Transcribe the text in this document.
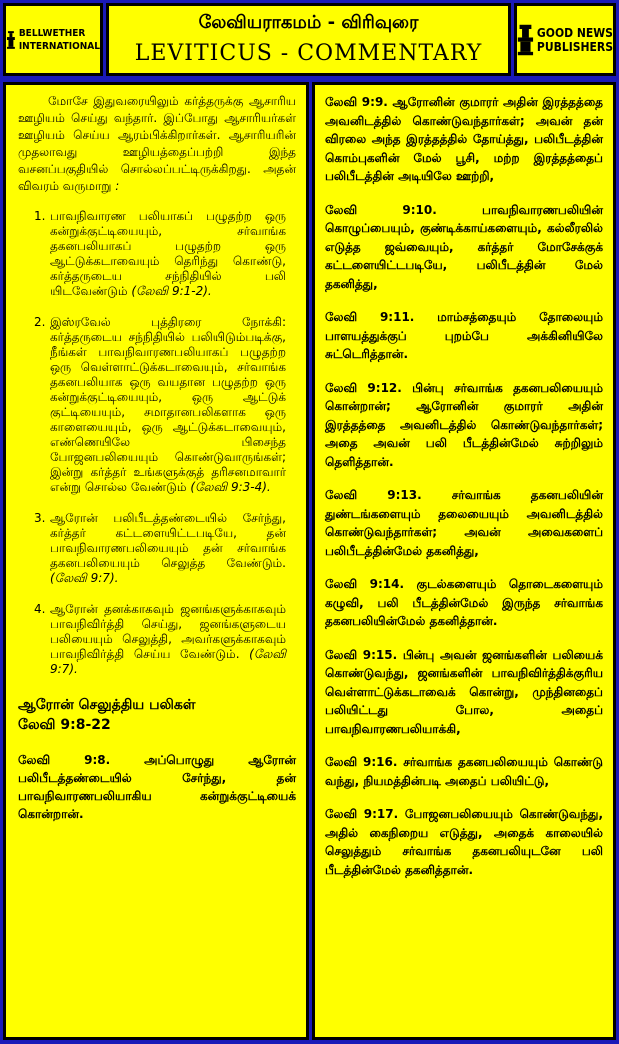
BELLWETHER
INTERNATIONAL
லேவியராகமம் - விரிவுரை
LEVITICUS - COMMENTARY
GOOD NEWS
PUBLISHERS

மோசே இதுவரையிலும் கர்த்தருக்கு ஆசாரிய ஊழியம் செய்து வந்தார். இப்போது ஆசாரியர்கள் ஊழியம் செய்ய ஆரம்பிக்கிறார்கள். ஆசாரியரின் முதலாவது ஊழியத்தைப்பற்றி இந்த வசனப்பகுதியில் சொல்லப்பட்டிருக்கிறது. அதன் விவரம் வருமாறு :

1. பாவநிவாரண பலியாகப் பழுதற்ற ஒரு கன்றுக்குட்டியையும், சர்வாங்க தகனபலியாகப் பழுதற்ற ஒரு ஆட்டுக்கடாவையும் தெரிந்து கொண்டு, கர்த்தருடைய சந்நிதியில் பலி யிடவேண்டும் (லேவி 9:1-2).
2. இஸ்ரவேல் புத்திரரை நோக்கி: கர்த்தருடைய சந்நிதியில் பலியிடும்படிக்கு, நீங்கள் பாவநிவாரணபலியாகப் பழுதற்ற ஒரு வெள்ளாட்டுக்கடாவையும், சர்வாங்க தகனபலியாக ஒரு வயதான பழுதற்ற ஒரு கன்றுக்குட்டியையும், ஒரு ஆட்டுக் குட்டியையும், சமாதானபலிகளாக ஒரு காளையையும், ஒரு ஆட்டுக்கடாவையும், எண்ணெயிலே பிசைந்த போஜனபலியையும் கொண்டுவாருங்கள்; இன்று கர்த்தர் உங்களுக்குத் தரிசனமாவார் என்று சொல்ல வேண்டும் (லேவி 9:3-4).
3. ஆரோன் பலிபீடத்தண்டையில் சேர்ந்து, கர்த்தர் கட்டளையிட்டபடியே, தன் பாவநிவாரணபலியையும் தன் சர்வாங்க தகனபலியையும் செலுத்த வேண்டும். (லேவி 9:7).
4. ஆரோன் தனக்காகவும் ஜனங்களுக்காகவும் பாவநிவிர்த்தி செய்து, ஜனங்களுடைய பலியையும் செலுத்தி, அவர்களுக்காகவும் பாவநிவிர்த்தி செய்ய வேண்டும். (லேவி 9:7).
ஆரோன் செலுத்திய பலிகள்
லேவி 9:8-22

லேவி 9:8. அப்பொழுது ஆரோன் பலிபீடத்தண்டையில் சேர்ந்து, தன் பாவநிவாரணபலியாகிய கன்றுக்குட்டியைக் கொன்றான்.

லேவி 9:9. ஆரோனின் குமாரர் அதின் இரத்தத்தை அவனிடத்தில் கொண்டுவந்தார்கள்; அவன் தன் விரலை அந்த இரத்தத்தில் தோய்த்து, பலிபீடத்தின் கொம்புகளின் மேல் பூசி, மற்ற இரத்தத்தைப் பலிபீடத்தின் அடியிலே ஊற்றி,

லேவி 9:10. பாவநிவாரணபலியின் கொழுப்பையும், குண்டிக்காய்களையும், கல்லீரலில் எடுத்த ஜவ்வையும், கர்த்தர் மோசேக்குக் கட்டளையிட்டபடியே, பலிபீடத்தின் மேல் தகனித்து,

லேவி 9:11. மாம்சத்தையும் தோலையும் பாளயத்துக்குப் புறம்பே அக்கினியிலே சுட்டெரித்தான்.

லேவி 9:12. பின்பு சர்வாங்க தகனபலியையும் கொன்றான்; ஆரோனின் குமாரர் அதின் இரத்தத்தை அவனிடத்தில் கொண்டுவந்தார்கள்; அதை அவன் பலி பீடத்தின்மேல் சுற்றிலும் தெளித்தான்.

லேவி 9:13. சர்வாங்க தகனபலியின் துண்டங்களையும் தலையையும் அவனிடத்தில் கொண்டுவந்தார்கள்; அவன் அவைகளைப் பலிபீடத்தின்மேல் தகனித்து,

லேவி 9:14. குடல்களையும் தொடைகளையும் கழுவி, பலி பீடத்தின்மேல் இருந்த சர்வாங்க தகனபலியின்மேல் தகனித்தான்.

லேவி 9:15. பின்பு அவன் ஜனங்களின் பலியைக் கொண்டுவந்து, ஜனங்களின் பாவநிவிர்த்திக்குரிய வெள்ளாட்டுக்கடாவைக் கொன்று, முந்தினதைப் பலியிட்டது போல, அதைப் பாவநிவாரணபலியாக்கி,

லேவி 9:16. சர்வாங்க தகனபலியையும் கொண்டு வந்து, நியமத்தின்படி அதைப் பலியிட்டு,

லேவி 9:17. போஜனபலியையும் கொண்டுவந்து, அதில் கைநிறைய எடுத்து, அதைக் காலையில் செலுத்தும் சர்வாங்க தகனபலியுடனே பலி பீடத்தின்மேல் தகனித்தான்.
